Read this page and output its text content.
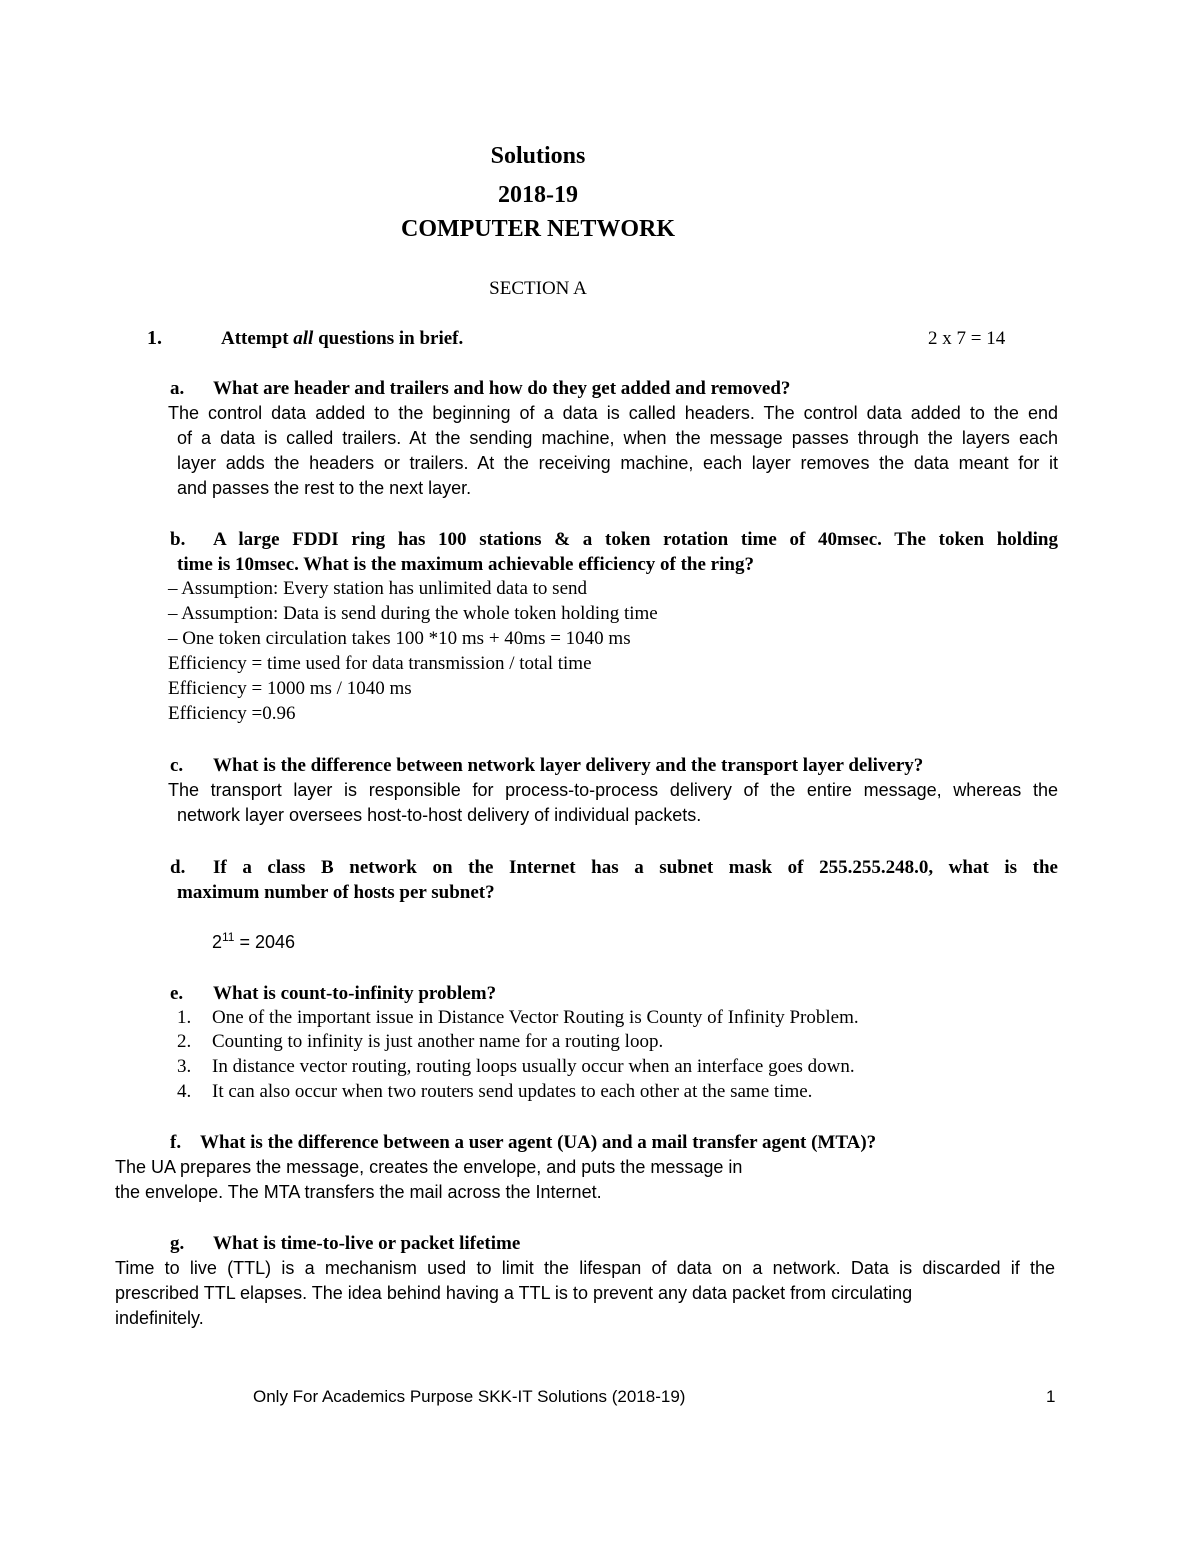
Solutions
2018-19
COMPUTER NETWORK
SECTION A
1.	Attempt all questions in brief.	2 x 7 = 14
a. What are header and trailers and how do they get added and removed?
The control data added to the beginning of a data is called headers. The control data added to the end
of a data is called trailers. At the sending machine, when the message passes through the layers each
layer adds the headers or trailers. At the receiving machine, each layer removes the data meant for it
and passes the rest to the next layer.
b. A large FDDI ring has 100 stations & a token rotation time of 40msec. The token holding
time is 10msec. What is the maximum achievable efficiency of the ring?
– Assumption: Every station has unlimited data to send
– Assumption: Data is send during the whole token holding time
– One token circulation takes 100 *10 ms + 40ms = 1040 ms
Efficiency = time used for data transmission / total time
Efficiency = 1000 ms / 1040 ms
Efficiency =0.96
c. What is the difference between network layer delivery and the transport layer delivery?
The transport layer is responsible for process-to-process delivery of the entire message, whereas the
network layer oversees host-to-host delivery of individual packets.
d. If a class B network on the Internet has a subnet mask of 255.255.248.0, what is the
maximum number of hosts per subnet?
$2^{11} = 2046$
e. What is count-to-infinity problem?
1. One of the important issue in Distance Vector Routing is County of Infinity Problem.
2. Counting to infinity is just another name for a routing loop.
3. In distance vector routing, routing loops usually occur when an interface goes down.
4. It can also occur when two routers send updates to each other at the same time.
f. What is the difference between a user agent (UA) and a mail transfer agent (MTA)?
The UA prepares the message, creates the envelope, and puts the message in
the envelope. The MTA transfers the mail across the Internet.
g. What is time-to-live or packet lifetime
Time to live (TTL) is a mechanism used to limit the lifespan of data on a network. Data is discarded if the
prescribed TTL elapses. The idea behind having a TTL is to prevent any data packet from circulating
indefinitely.
Only For Academics Purpose SKK-IT Solutions (2018-19)	1
